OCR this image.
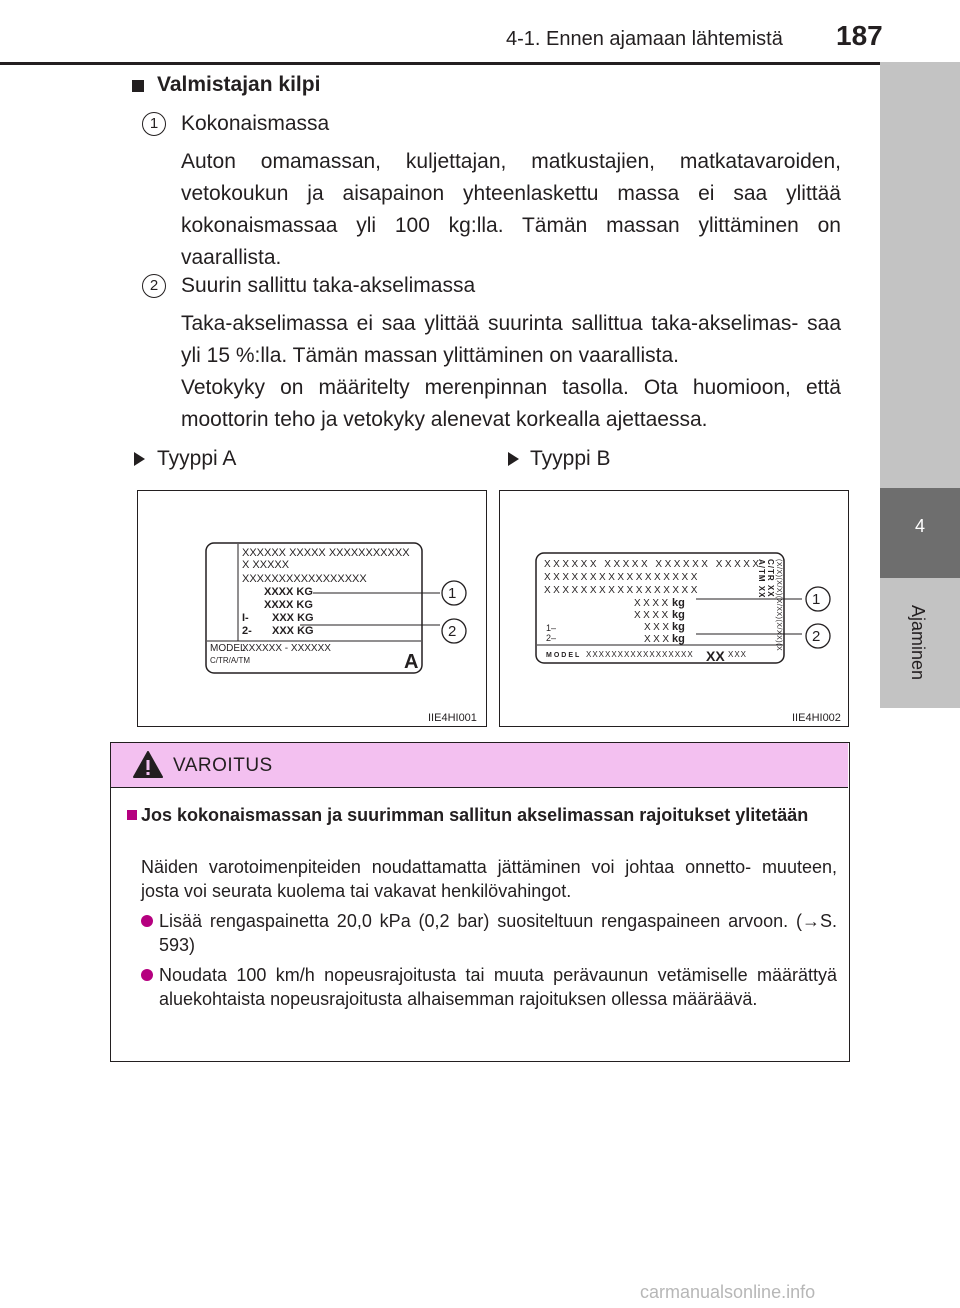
4-1. Ennen ajamaan lähtemistä 187
4
Ajaminen
Valmistajan kilpi
1	Kokonaismassa
Auton omamassan, kuljettajan, matkustajien, matkatavaroiden, vetokoukun ja aisapainon yhteenlaskettu massa ei saa ylittää kokonaismassaa yli 100 kg:lla. Tämän massan ylittäminen on vaarallista.
2	Suurin sallittu taka-akselimassa
Taka-akselimassa ei saa ylittää suurinta sallittua taka-akselimas- saa yli 15 %:lla. Tämän massan ylittäminen on vaarallista.
Vetokyky on määritelty merenpinnan tasolla. Ota huomioon, että moottorin teho ja vetokyky alenevat korkealla ajettaessa.
Tyyppi A	Tyyppi B
XXXXXX XXXXX XXXXXXXXXXX
X XXXXX
XXXXXXXXXXXXXXXXX
XXXX KG
XXXX KG
I- XXX KG
2- XXX KG
MODEL
XXXXXX - XXXXXX
C/TR/A/TM	A
1
2
IIE4HI001
XXXXXX XXXXX XXXXXX XXXXX
XXXXXXXXXXXXXXXXX
XXXXXXXXXXXXXXXXX
XXXX kg
XXXX kg
XXX kg
XXX kg
1–
2–
MODEL XXXXXXXXXXXXXXXXX XX XXX
C/TR XX
A/TM XX (X/X)(X/X)(X/XX)(X/XX)(X 1
2
IIE4HI002
VAROITUS
Jos kokonaismassan ja suurimman sallitun akselimassan rajoitukset ylitetään
Näiden varotoimenpiteiden noudattamatta jättäminen voi johtaa onnetto- muuteen, josta voi seurata kuolema tai vakavat henkilövahingot.
Lisää rengaspainetta 20,0 kPa (0,2 bar) suositeltuun rengaspaineen arvoon. (→S. 593)
Noudata 100 km/h nopeusrajoitusta tai muuta perävaunun vetämiselle määrättyä aluekohtaista nopeusrajoitusta alhaisemman rajoituksen ollessa määräävä.
carmanualsonline.info
